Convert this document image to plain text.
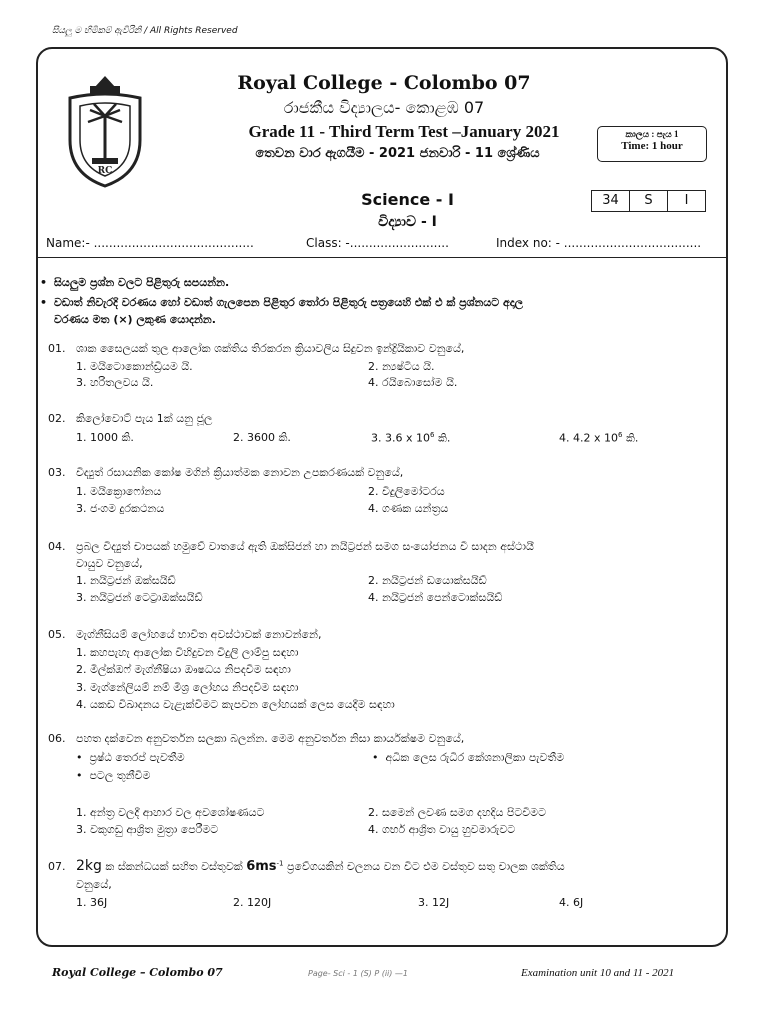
සියලු ම හිමිකම් ඇවිරිනි / All Rights Reserved
RC
Royal College - Colombo 07
රාජකීය විද්‍යාලය- කොළඹ 07
Grade 11 - Third Term Test –January 2021
තෙවන වාර ඇගයීම - 2021 ජනවාරි - 11 ශ්‍රේණිය
කාලය : පැය 1
Time: 1 hour
Science - I
විද්‍යාව - I
34	S	I
Name:- ..........................................	Class: -..........................	Index no: - ....................................
• සියලුම ප්‍රශ්න වලට පිළිතුරු සපයන්න.
• වඩාත් නිවැරදි වරණය හෝ වඩාත් ගැලපෙන පිළිතුර තෝරා පිළිතුරු පත්‍රයෙහි එක් එ ක් ප්‍රශ්නයට අදාල
වරණය මත (×) ලකුණ යොදන්න.
01. ශාක සෛලයක් තුල ආලෝක ශක්තිය තිරකරන ක්‍රියාවලිය සිදුවන ඉන්ද්‍රියිකාව වනුයේ,
1. මයිටොකොන්ඩ්‍රියම යි.	2. න්‍යෂ්ටිය යි.
3. හරිතලවය යි.	4. රයිබොසෝම යි.
02. කිලෝවොට් පැය 1ක් යනු ජූල
1. 1000 කි.	2. 3600 කි.	3. 3.6 x $10^6$ කි.	4. 4.2 x $10^6$ කි.
03. විද්‍යුත් රසායනික කෝෂ මගින් ක්‍රියාත්මක නොවන උපකරණයක් වනුයේ,
1. මයික්‍රොෆෝනය	2. විදුලිමෝටරය
3. ජංගම දුරකථනය	4. ගණක යන්ත්‍රය
04. ප්‍රබල විද්‍යුත් චාපයක් හමුවේ වාතයේ ඇති ඔක්සිජන් හා නයිට්‍රජන් සමග සංයෝජනය වී සාදන අස්ථායී
වායුව වනුයේ,
1. නයිට්‍රජන් ඔක්සයිඩ්	2. නයිට්‍රජන් ඩයොක්සයිඩ්
3. නයිට්‍රජන් ටෙට්‍රාඔක්සයිඩ්	4. නයිට්‍රජන් පෙන්ටොක්සයිඩ්
05. මැග්නීසියම් ලෝහයේ භාවිත අවස්ථාවක් නොවන්නේ,
1. කහපැහැ ආලෝක විහිදුවන විදුලි ලාම්පු සඳහා
2. මිල්ක්ඔෆ් මැග්නීෂියා ඖෂධය නිපදවීම සඳහා
3. මැග්නේලියම් නම් මිශ්‍ර ලෝහය නිපදවීම සඳහා
4. යකඩ විඛාදනය වැළැක්වීමට කැපවන ලෝහයක් ලෙස යෙදීම සඳහා
06. පහත දක්වෙන අනුවර්තන සලකා බලන්න. මෙම අනුවර්තන නිසා කාර්යක්ෂම වනුයේ,
•  ප්‍රෂ්ඨ තෙරප් පැවතීම	•  අධික ලෙස රුධිර කේශනාලිකා පැවතීම
•  පටල තුනීවීම
1. අන්ත්‍ර වලදී ආහාර වල අවශෝෂණයට	2. සමෙන් ලවණ සමග දහදිය පිටවීමට
3. වකුගඩු ආශ්‍රිත මුත්‍රා පෙරීමට	4. ගර්භ ආශ්‍රිත වායු හුවමාරුවට
07. 2kg ක ස්කන්ධයක් සහිත වස්තුවක් $6ms^{-1}$ ප්‍රවේගයකින් චලනය වන විට එම වස්තුව සතු චාලක ශක්තිය
වනුයේ,
1. 36J	2. 120J	3. 12J	4. 6J
Royal College – Colombo 07	Page- Sci - 1 (S) P (ii) —1	Examination unit 10 and 11 - 2021
